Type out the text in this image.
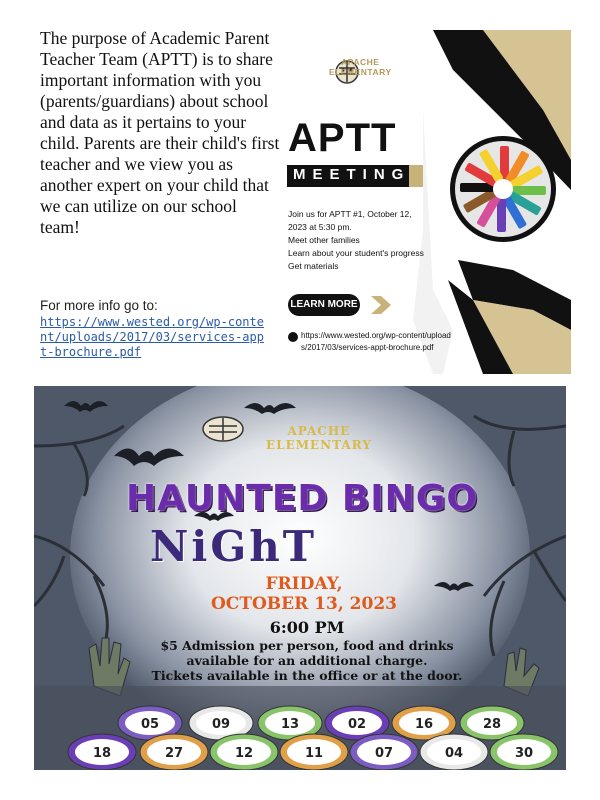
The purpose of Academic Parent Teacher Team (APTT) is to share important information with you (parents/guardians) about school and data as it pertains to your child. Parents are their child's first teacher and we view you as another expert on your child that we can utilize on our school team!
For more info go to:
https://www.wested.org/wp-content/uploads/2017/03/services-appt-brochure.pdf
APACHE
ELEMENTARY
APTT
MEETING
Join us for APTT #1, October 12, 2023 at 5:30 pm.
Meet other families
Learn about your student's progress
Get materials
LEARN MORE
https://www.wested.org/wp-content/uploads/2017/03/services-appt-brochure.pdf
APACHE
ELEMENTARY
HAUNTED BINGO
NiGhT
FRIDAY,
OCTOBER 13, 2023
6:00 PM
$5 Admission per person, food and drinks available for an additional charge.
Tickets available in the office or at the door.
05	09	13	02	16	28
18	27	12	11	07	04	30
